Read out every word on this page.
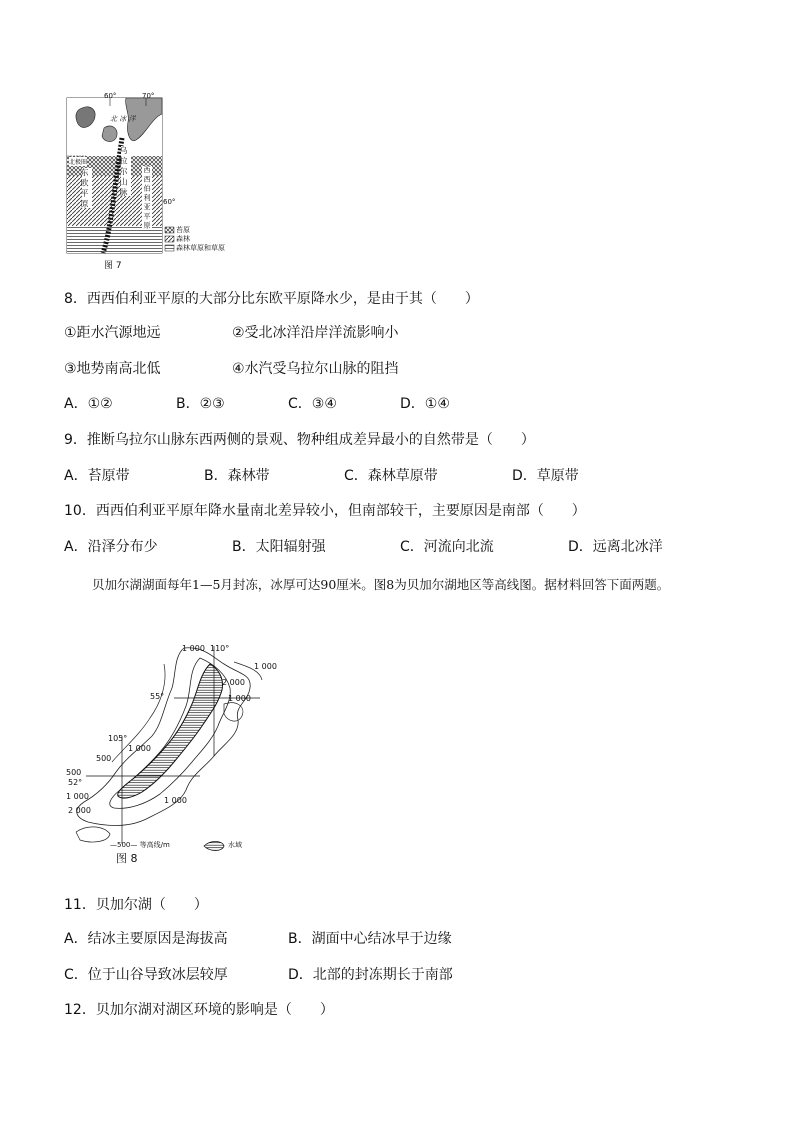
60°	70°
60°
北 冰 洋
北极圈
东 欧 平 原	乌 拉 尔 山 脉	西 西 伯 利 亚 平 原
苔原
森林
森林草原和草原
图 7
8．西西伯利亚平原的大部分比东欧平原降水少，是由于其（　　）
①距水汽源地远	②受北冰洋沿岸洋流影响小
③地势南高北低	④水汽受乌拉尔山脉的阻挡
A．①②	B．②③	C．③④	D．①④
9．推断乌拉尔山脉东西两侧的景观、物种组成差异最小的自然带是（　　）
A．苔原带	B．森林带	C．森林草原带	D．草原带
10．西西伯利亚平原年降水量南北差异较小，但南部较干，主要原因是南部（　　）
A．沿泽分布少	B．太阳辐射强	C．河流向北流	D．远离北冰洋
贝加尔湖湖面每年1—5月封冻，冰厚可达90厘米。图8为贝加尔湖地区等高线图。据材料回答下面两题。
1 000 110°
1 000
2 000
55°	1 000
105°
500
1 000
500
52°
1 000
2 000
1 000
—500— 等高线/m	水域
图 8
11．贝加尔湖（　　）
A．结冰主要原因是海拔高	B．湖面中心结冰早于边缘
C．位于山谷导致冰层较厚	D．北部的封冻期长于南部
12．贝加尔湖对湖区环境的影响是（　　）
